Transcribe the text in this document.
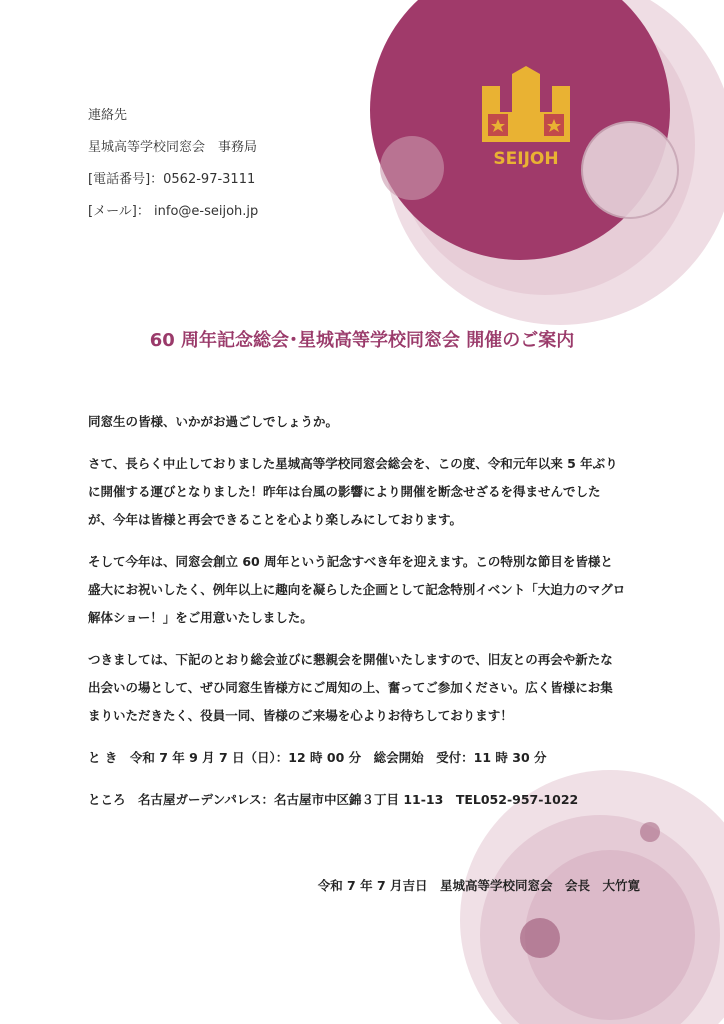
SEIJOH
連絡先
星城高等学校同窓会　事務局
[電話番号]：0562-97-3111
[メール]： info@e-seijoh.jp
60 周年記念総会･星城高等学校同窓会 開催のご案内
同窓生の皆様、いかがお過ごしでしょうか。
さて、長らく中止しておりました星城高等学校同窓会総会を、この度、令和元年以来 5 年ぶり
に開催する運びとなりました！昨年は台風の影響により開催を断念せざるを得ませんでした
が、今年は皆様と再会できることを心より楽しみにしております。
そして今年は、同窓会創立 60 周年という記念すべき年を迎えます。この特別な節目を皆様と
盛大にお祝いしたく、例年以上に趣向を凝らした企画として記念特別イベント「大迫力のマグロ
解体ショー！」をご用意いたしました。
つきましては、下記のとおり総会並びに懇親会を開催いたしますので、旧友との再会や新たな
出会いの場として、ぜひ同窓生皆様方にご周知の上、奮ってご参加ください。広く皆様にお集
まりいただきたく、役員一同、皆様のご来場を心よりお待ちしております！
と き　令和 7 年 9 月 7 日（日）：12 時 00 分　総会開始　受付：11 時 30 分
ところ　名古屋ガーデンパレス：名古屋市中区錦３丁目 11-13　TEL052-957-1022
令和 7 年 7 月吉日　星城高等学校同窓会　会長　大竹寛
